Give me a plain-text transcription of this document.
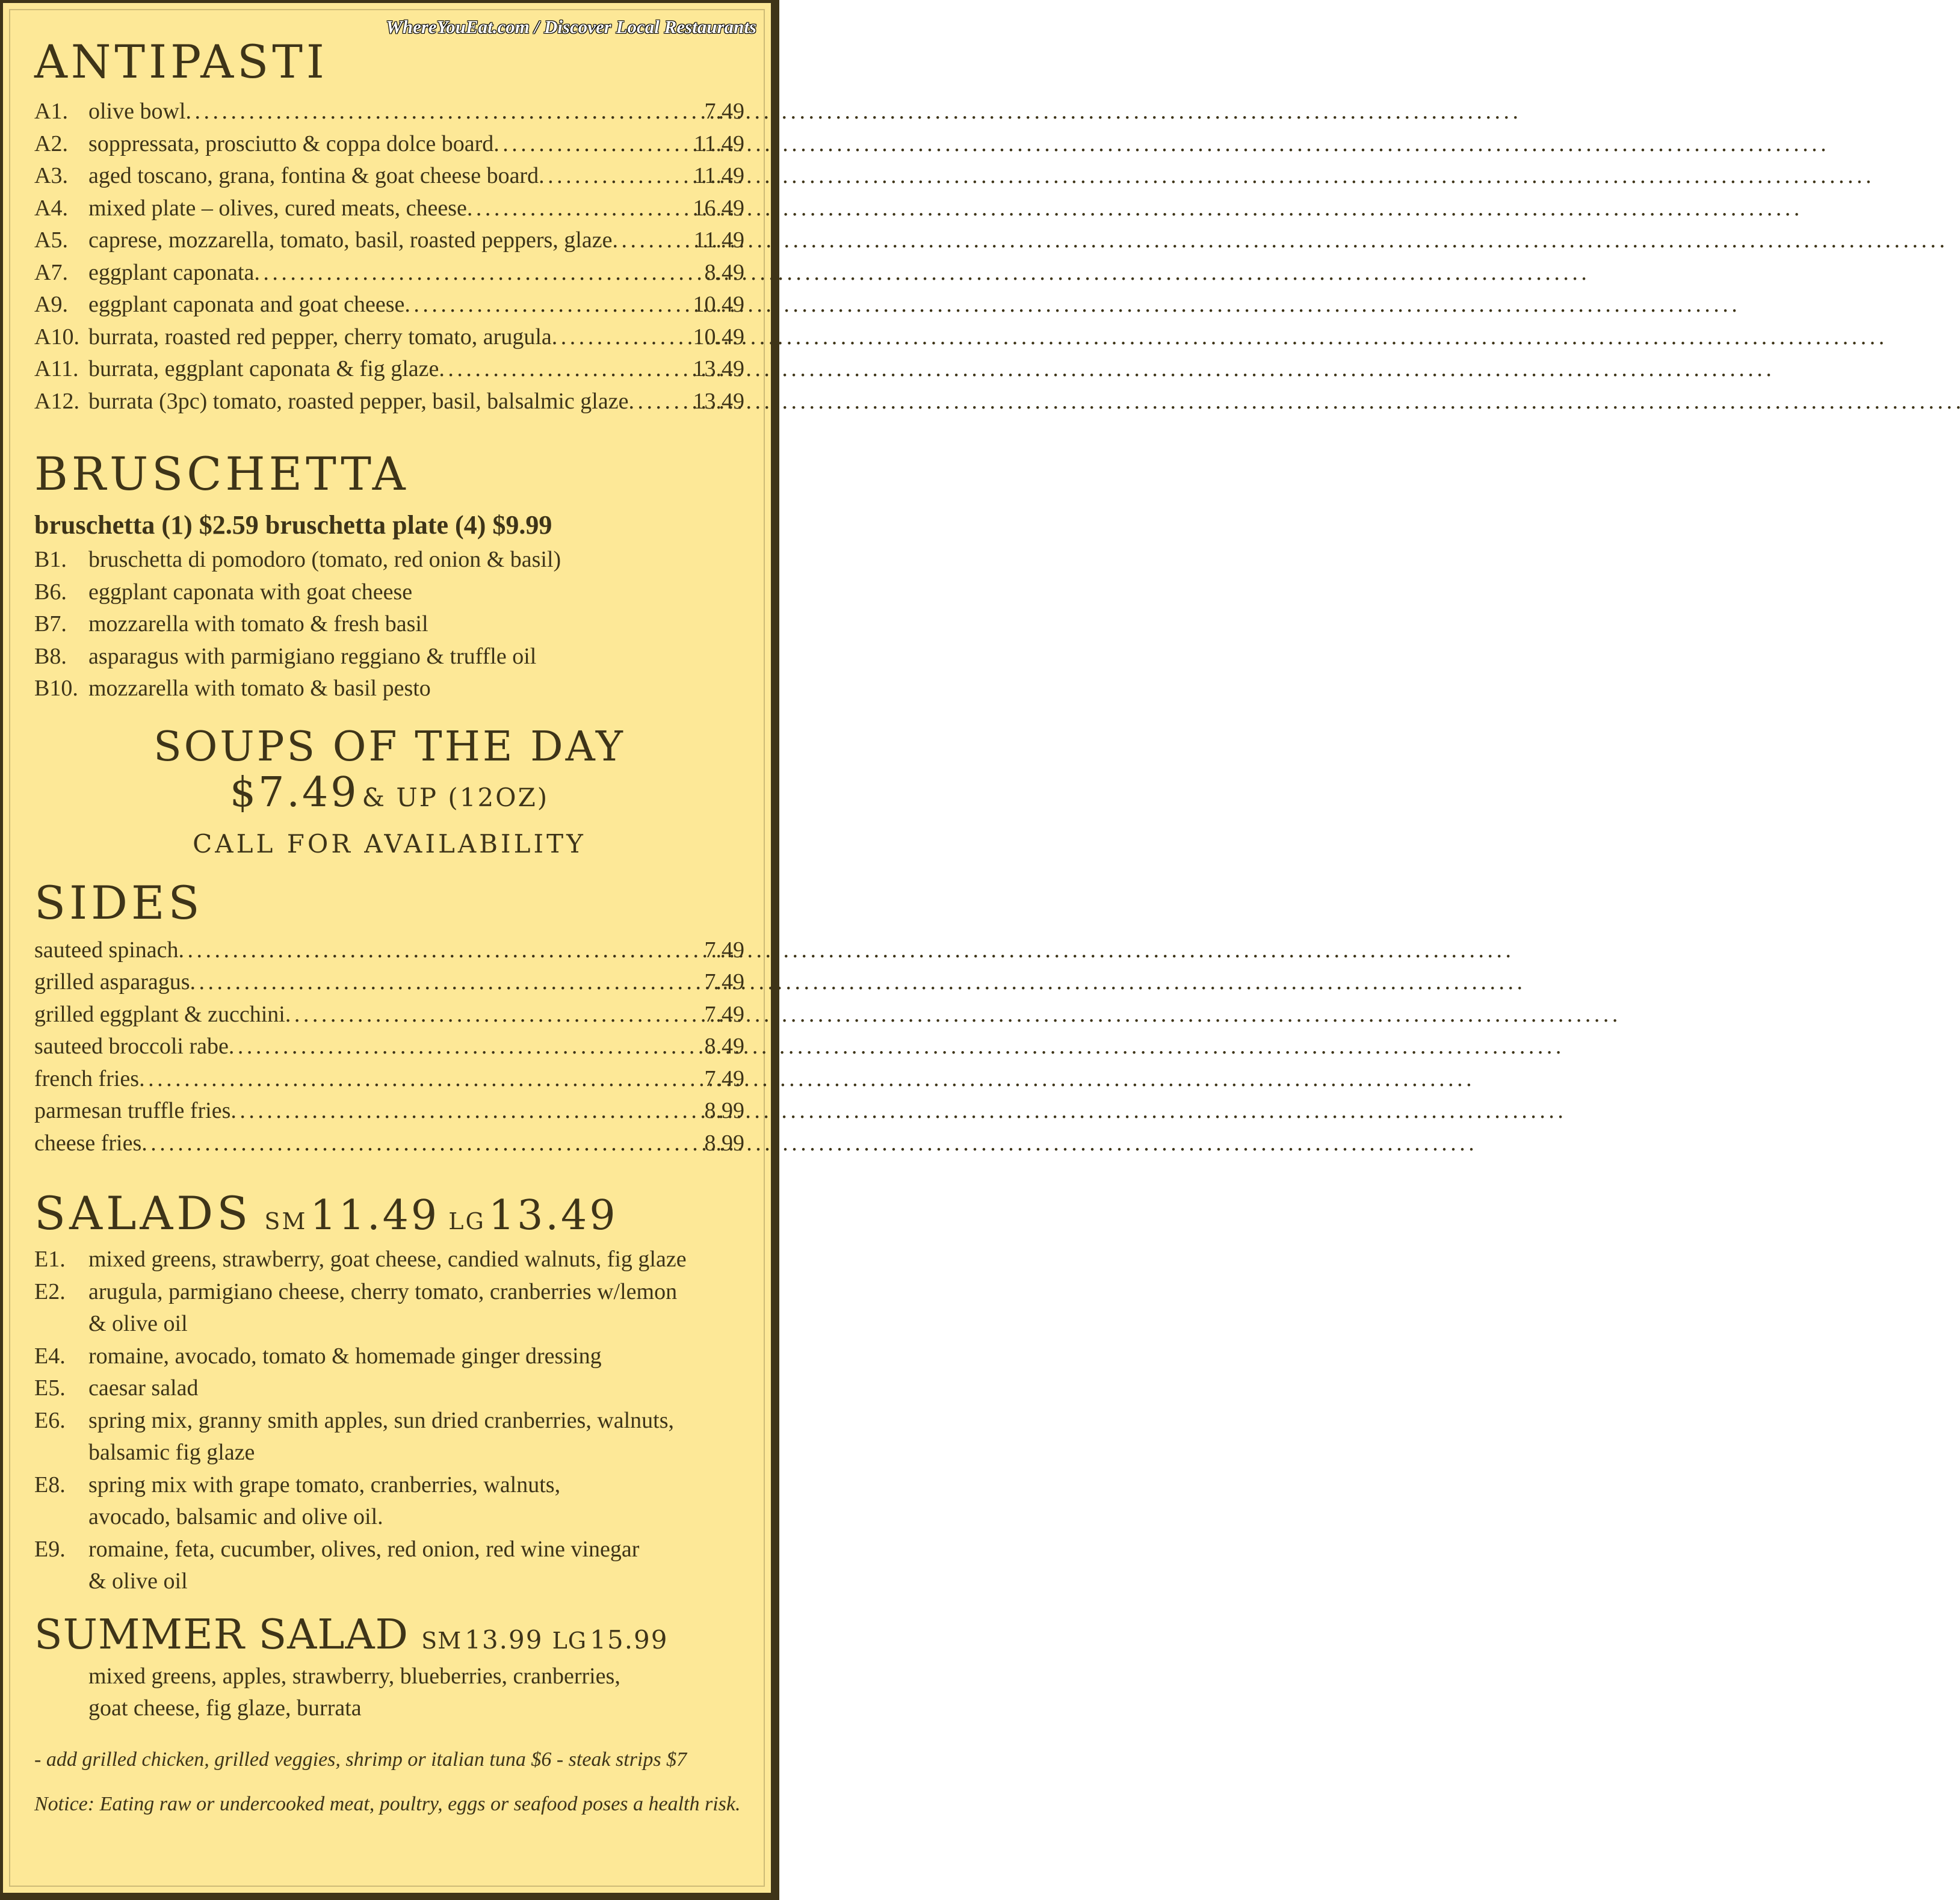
WhereYouEat.com / Discover Local Restaurants
ANTIPASTI
A1. olive bowl . . .	7.49
A2. soppressata, prosciutto & coppa dolce board . . .	11.49
A3. aged toscano, grana, fontina & goat cheese board . . .	11.49
A4. mixed plate – olives, cured meats, cheese . . .	16.49
A5. caprese, mozzarella, tomato, basil, roasted peppers, glaze . . .	11.49
A7. eggplant caponata . . .	8.49
A9. eggplant caponata and goat cheese . . .	10.49
A10. burrata, roasted red pepper, cherry tomato, arugula . . .	10.49
A11. burrata, eggplant caponata & fig glaze . . .	13.49
A12. burrata (3pc) tomato, roasted pepper, basil, balsalmic glaze . . .	13.49
BRUSCHETTA
bruschetta (1) $2.59 bruschetta plate (4) $9.99
B1. bruschetta di pomodoro (tomato, red onion & basil)
B6. eggplant caponata with goat cheese
B7. mozzarella with tomato & fresh basil
B8. asparagus with parmigiano reggiano & truffle oil
B10. mozzarella with tomato & basil pesto
SOUPS OF THE DAY
$7.49 & UP (12OZ)
CALL FOR AVAILABILITY
SIDES
sauteed spinach . . .	7.49
grilled asparagus . . .	7.49
grilled eggplant & zucchini . . .	7.49
sauteed broccoli rabe . . .	8.49
french fries . . .	7.49
parmesan truffle fries . . .	8.99
cheese fries . . .	8.99
SALADS SM 11.49 LG 13.49
E1.	mixed greens, strawberry, goat cheese, candied walnuts, fig glaze
E2.	arugula, parmigiano cheese, cherry tomato, cranberries w/lemon
& olive oil
E4.	romaine, avocado, tomato & homemade ginger dressing
E5.	caesar salad
E6.	spring mix, granny smith apples, sun dried cranberries, walnuts,
balsamic fig glaze
E8.	spring mix with grape tomato, cranberries, walnuts,
avocado, balsamic and olive oil.
E9.	romaine, feta, cucumber, olives, red onion, red wine vinegar
& olive oil
SUMMER SALAD SM 13.99 LG 15.99
mixed greens, apples, strawberry, blueberries, cranberries,
goat cheese, fig glaze, burrata
- add grilled chicken, grilled veggies, shrimp or italian tuna $6 - steak strips $7
Notice: Eating raw or undercooked meat, poultry, eggs or seafood poses a health risk.
